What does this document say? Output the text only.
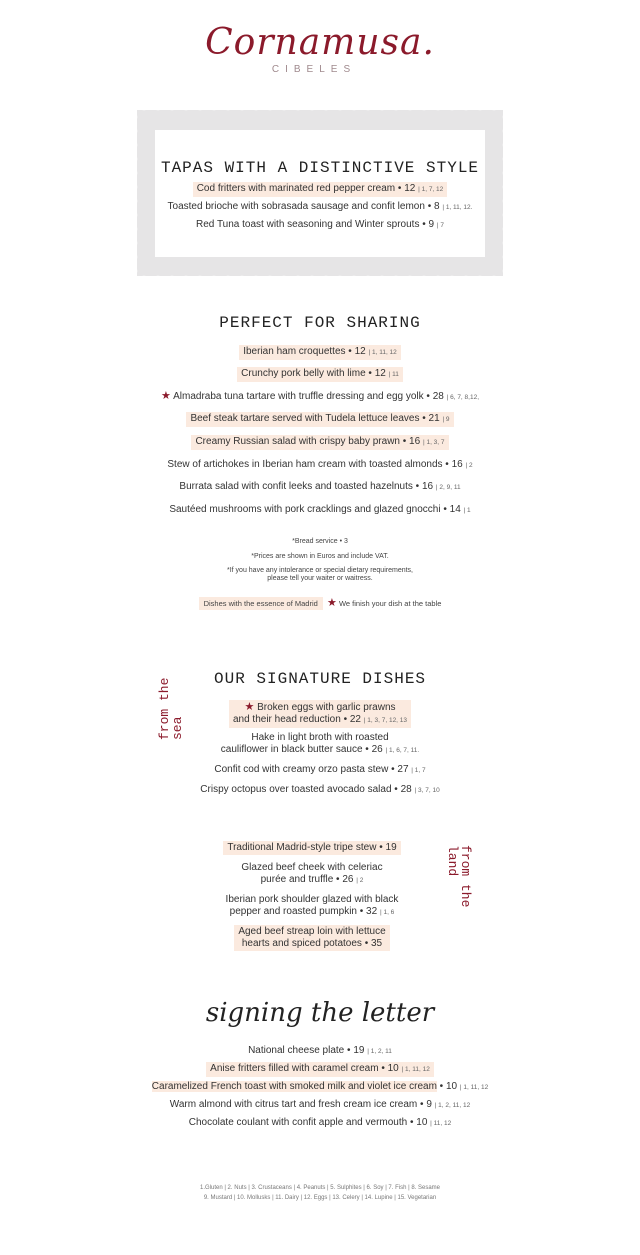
Cornamusa.
CIBELES
TAPAS WITH A DISTINCTIVE STYLE
Cod fritters with marinated red pepper cream • 12 | 1, 7, 12
Toasted brioche with sobrasada sausage and confit lemon • 8 | 1, 11, 12.
Red Tuna toast with seasoning and Winter sprouts • 9 | 7
PERFECT FOR SHARING
Iberian ham croquettes • 12 | 1, 11, 12
Crunchy pork belly with lime • 12 | 11
★ Almadraba tuna tartare with truffle dressing and egg yolk • 28 | 6, 7, 8,12,
Beef steak tartare served with Tudela lettuce leaves • 21 | 9
Creamy Russian salad with crispy baby prawn • 16 | 1, 3, 7
Stew of artichokes in Iberian ham cream with toasted almonds • 16 | 2
Burrata salad with confit leeks and toasted hazelnuts • 16 | 2, 9, 11
Sautéed mushrooms with pork cracklings and glazed gnocchi • 14 | 1
*Bread service • 3
*Prices are shown in Euros and include VAT.
*If you have any intolerance or special dietary requirements,
please tell your waiter or waitress.
Dishes with the essence of Madrid ★ We finish your dish at the table
OUR SIGNATURE DISHES
from the
sea
★ Broken eggs with garlic prawns
and their head reduction • 22 | 1, 3, 7, 12, 13
Hake in light broth with roasted
cauliflower in black butter sauce • 26 | 1, 6, 7, 11.
Confit cod with creamy orzo pasta stew • 27 | 1, 7
Crispy octopus over toasted avocado salad • 28 | 3, 7, 10
from the
land
Traditional Madrid-style tripe stew • 19
Glazed beef cheek with celeriac
purée and truffle • 26 | 2
Iberian pork shoulder glazed with black
pepper and roasted pumpkin • 32 | 1, 6
Aged beef streap loin with lettuce
hearts and spiced potatoes • 35
signing the letter
National cheese plate • 19 | 1, 2, 11
Anise fritters filled with caramel cream • 10 | 1, 11, 12
Caramelized French toast with smoked milk and violet ice cream • 10 | 1, 11, 12
Warm almond with citrus tart and fresh cream ice cream • 9 | 1, 2, 11, 12
Chocolate coulant with confit apple and vermouth • 10 | 11, 12
1.Gluten | 2. Nuts | 3. Crustaceans | 4. Peanuts | 5. Sulphites | 6. Soy | 7. Fish | 8. Sesame
9. Mustard | 10. Mollusks | 11. Dairy | 12. Eggs | 13. Celery | 14. Lupine | 15. Vegetarian
